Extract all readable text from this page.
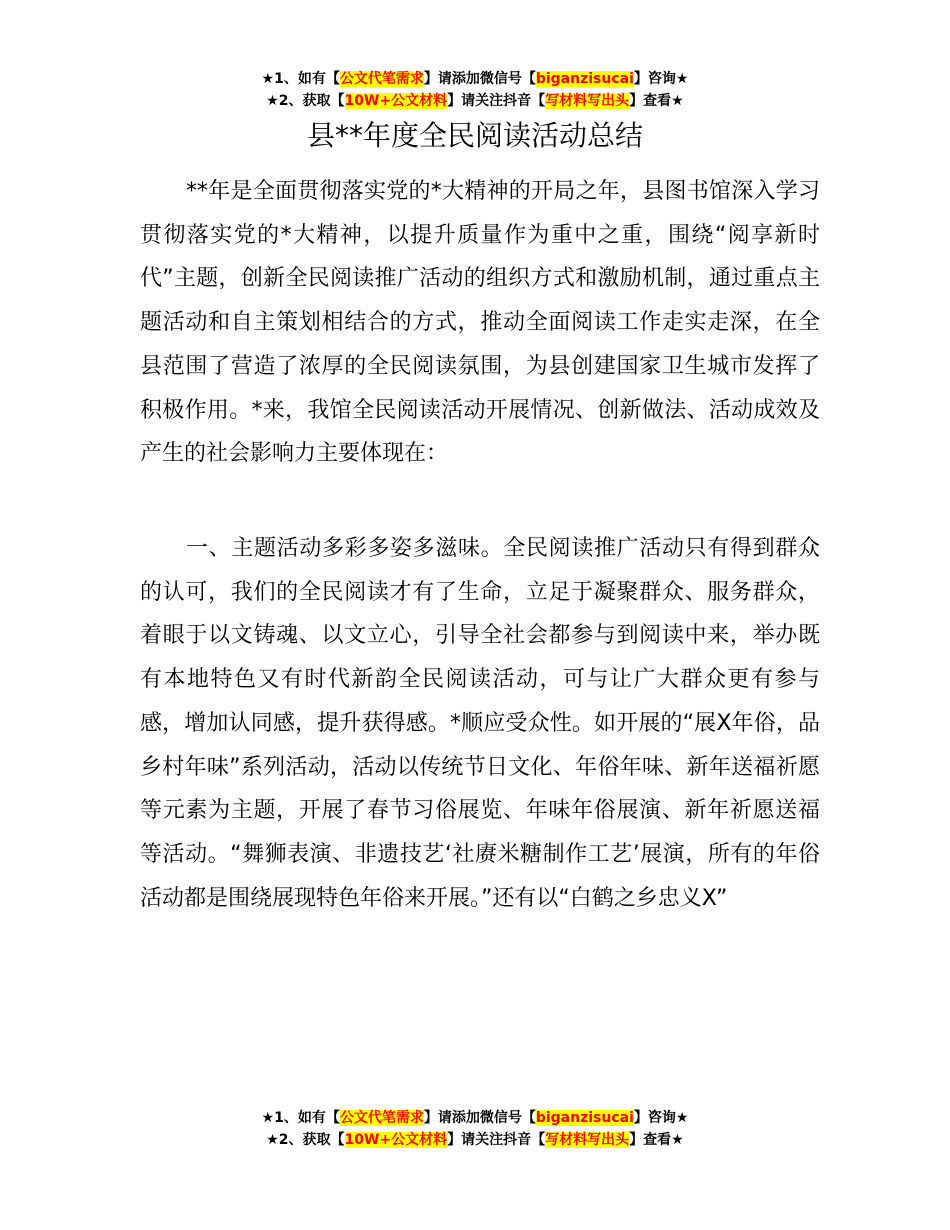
★1、如有【公文代笔需求】请添加微信号【biganzisucai】咨询★
★2、获取【10W+公文材料】请关注抖音【写材料写出头】查看★
县**年度全民阅读活动总结

**年是全面贯彻落实党的*大精神的开局之年，县图书馆深入学习贯彻落实党的*大精神，以提升质量作为重中之重，围绕“阅享新时代”主题，创新全民阅读推广活动的组织方式和激励机制，通过重点主题活动和自主策划相结合的方式，推动全面阅读工作走实走深，在全县范围了营造了浓厚的全民阅读氛围，为县创建国家卫生城市发挥了积极作用。*来，我馆全民阅读活动开展情况、创新做法、活动成效及产生的社会影响力主要体现在：

一、主题活动多彩多姿多滋味。全民阅读推广活动只有得到群众的认可，我们的全民阅读才有了生命，立足于凝聚群众、服务群众，着眼于以文铸魂、以文立心，引导全社会都参与到阅读中来，举办既有本地特色又有时代新韵全民阅读活动，可与让广大群众更有参与感，增加认同感，提升获得感。*顺应受众性。如开展的“展X年俗，品乡村年味”系列活动，活动以传统节日文化、年俗年味、新年送福祈愿等元素为主题，开展了春节习俗展览、年味年俗展演、新年祈愿送福等活动。“舞狮表演、非遗技艺‘社赓米糖制作工艺’展演，所有的年俗活动都是围绕展现特色年俗来开展。”还有以“白鹤之乡忠义X”

★1、如有【公文代笔需求】请添加微信号【biganzisucai】咨询★
★2、获取【10W+公文材料】请关注抖音【写材料写出头】查看★
